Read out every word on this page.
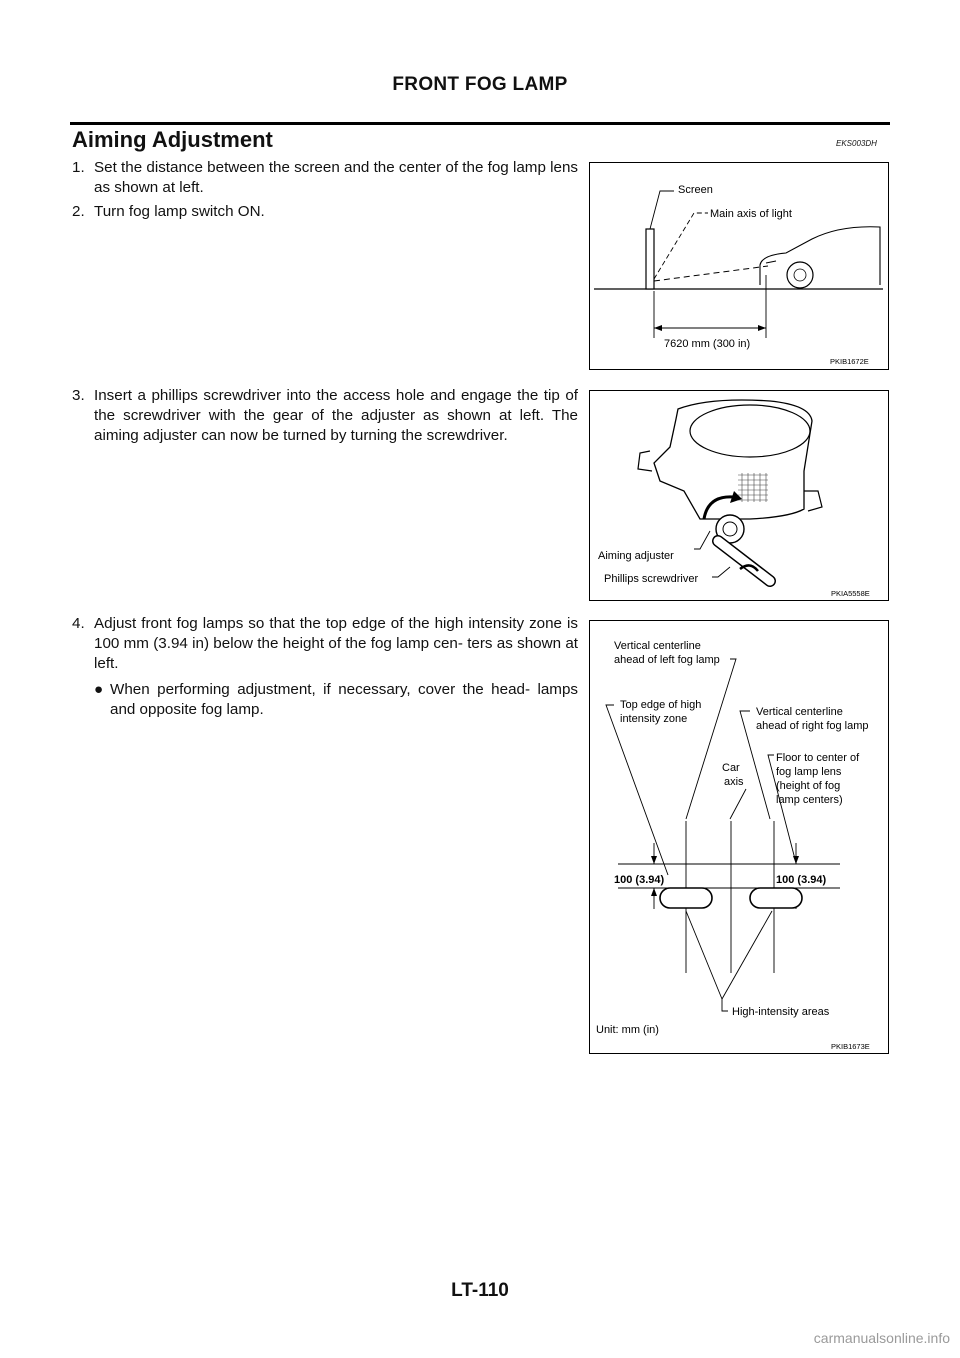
FRONT FOG LAMP
Aiming Adjustment	EKS003DH
1. Set the distance between the screen and the center of the fog lamp lens as shown at left.
2. Turn fog lamp switch ON.
3. Insert a phillips screwdriver into the access hole and engage the tip of the screwdriver with the gear of the adjuster as shown at left. The aiming adjuster can now be turned by turning the screwdriver.
4. Adjust front fog lamps so that the top edge of the high intensity zone is 100 mm (3.94 in) below the height of the fog lamp cen- ters as shown at left.
● When performing adjustment, if necessary, cover the head- lamps and opposite fog lamp.
Screen
Main axis of light
7620 mm (300 in)
PKIB1672E
Aiming adjuster
Phillips screwdriver
PKIA5558E
Vertical centerline
ahead of left fog lamp
Top edge of high
intensity zone
Vertical centerline
ahead of right fog lamp
Car
axis
Floor to center of
fog lamp lens
(height of fog
lamp centers)
100 (3.94)	100 (3.94)
High-intensity areas
Unit: mm (in)
PKIB1673E
LT-110
carmanualsonline.info
